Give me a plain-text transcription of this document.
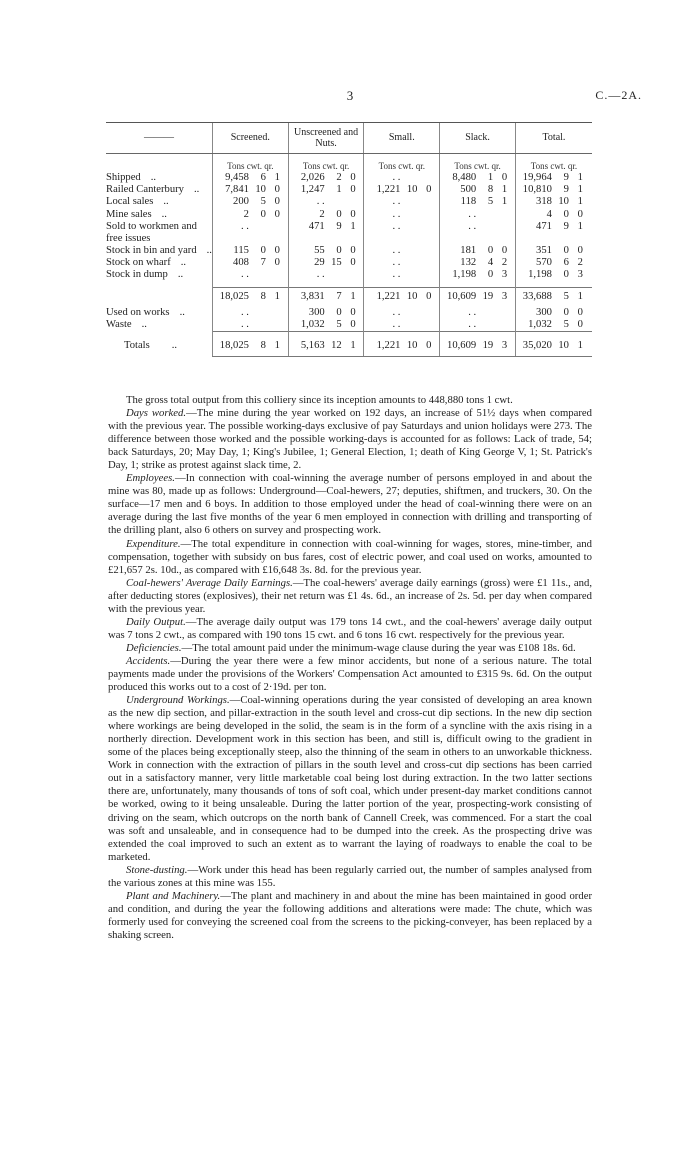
3	C.—2A.
———	Screened.	Unscreened and Nuts.	Small.	Slack.	Total.
	Tons cwt. qr.	Tons cwt. qr.	Tons cwt. qr.	Tons cwt. qr.	Tons cwt. qr.
Shipped ..	9,458 6 1	2,026 2 0	. .	8,480 1 0	19,964 9 1

Railed Canterbury ..	7,841 10 0	1,247 1 0	1,221 10 0	500 8 1	10,810 9 1

Local sales ..	200 5 0	. .	. .	118 5 1	318 10 1

Mine sales ..	2 0 0	2 0 0	. .	. .	4 0 0

Sold to workmen and free issues	. .	471 9 1	. .	. .	471 9 1

Stock in bin and yard ..	115 0 0	55 0 0	. .	181 0 0	351 0 0

Stock on wharf ..	408 7 0	29 15 0	. .	132 4 2	570 6 2

Stock in dump ..	. .	. .	. .	1,198 0 3	1,198 0 3

	18,025 8 1	3,831 7 1	1,221 10 0	10,609 19 3	33,688 5 1

Used on works ..	. .	300 0 0	. .	. .	300 0 0

Waste ..	. .	1,032 5 0	. .	. .	1,032 5 0

Totals ..	18,025 8 1	5,163 12 1	1,221 10 0	10,609 19 3	35,020 10 1

The gross total output from this colliery since its inception amounts to 448,880 tons 1 cwt.

Days worked.—The mine during the year worked on 192 days, an increase of 51½ days when compared with the previous year. The possible working-days exclusive of pay Saturdays and union holidays were 273. The difference between those worked and the possible working-days is accounted for as follows: Lack of trade, 54; back Saturdays, 20; May Day, 1; King's Jubilee, 1; General Election, 1; death of King George V, 1; St. Patrick's Day, 1; strike as protest against slack time, 2.

Employees.—In connection with coal-winning the average number of persons employed in and about the mine was 80, made up as follows: Underground—Coal-hewers, 27; deputies, shiftmen, and truckers, 30. On the surface—17 men and 6 boys. In addition to those employed under the head of coal-winning there were on an average during the last five months of the year 6 men employed in connection with drilling and transporting of the drilling plant, also 6 others on survey and prospecting work.

Expenditure.—The total expenditure in connection with coal-winning for wages, stores, mine-timber, and compensation, together with subsidy on bus fares, cost of electric power, and coal used on works, amounted to £21,657 2s. 10d., as compared with £16,648 3s. 8d. for the previous year.

Coal-hewers' Average Daily Earnings.—The coal-hewers' average daily earnings (gross) were £1 11s., and, after deducting stores (explosives), their net return was £1 4s. 6d., an increase of 2s. 5d. per day when compared with the previous year.

Daily Output.—The average daily output was 179 tons 14 cwt., and the coal-hewers' average daily output was 7 tons 2 cwt., as compared with 190 tons 15 cwt. and 6 tons 16 cwt. respectively for the previous year.

Deficiencies.—The total amount paid under the minimum-wage clause during the year was £108 18s. 6d.

Accidents.—During the year there were a few minor accidents, but none of a serious nature. The total payments made under the provisions of the Workers' Compensation Act amounted to £315 9s. 6d. On the output produced this works out to a cost of 2·19d. per ton.

Underground Workings.—Coal-winning operations during the year consisted of developing an area known as the new dip section, and pillar-extraction in the south level and cross-cut dip sections. In the new dip section where workings are being developed in the solid, the seam is in the form of a syncline with the axis rising in a northerly direction. Development work in this section has been, and still is, difficult owing to the gradient in some of the places being exceptionally steep, also the thinning of the seam in others to an unworkable thickness. Work in connection with the extraction of pillars in the south level and cross-cut dip sections has been carried out in a satisfactory manner, very little marketable coal being lost during extraction. In the two latter sections there are, unfortunately, many thousands of tons of soft coal, which under present-day market conditions cannot be worked, owing to it being unsaleable. During the latter portion of the year, prospecting-work consisting of driving on the seam, which outcrops on the north bank of Cannell Creek, was commenced. For a start the coal was soft and unsaleable, and in consequence had to be dumped into the creek. As the prospecting drive was extended the coal improved to such an extent as to warrant the laying of roadways to enable the coal to be marketed.

Stone-dusting.—Work under this head has been regularly carried out, the number of samples analysed from the various zones at this mine was 155.

Plant and Machinery.—The plant and machinery in and about the mine has been maintained in good order and condition, and during the year the following additions and alterations were made: The chute, which was formerly used for conveying the screened coal from the screens to the picking-conveyer, has been replaced by a shaking screen.
